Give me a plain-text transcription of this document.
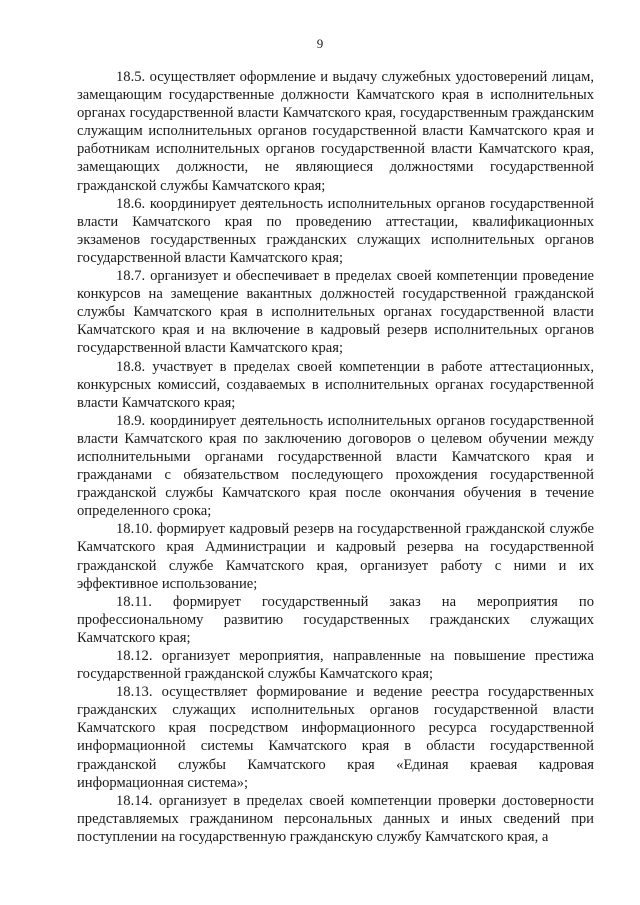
9

18.5. осуществляет оформление и выдачу служебных удостоверений лицам, замещающим государственные должности Камчатского края в исполнительных органах государственной власти Камчатского края, государственным гражданским служащим исполнительных органов государственной власти Камчатского края и работникам исполнительных органов государственной власти Камчатского края, замещающих должности, не являющиеся должностями государственной гражданской службы Камчатского края;

18.6. координирует деятельность исполнительных органов государственной власти Камчатского края по проведению аттестации, квалификационных экзаменов государственных гражданских служащих исполнительных органов государственной власти Камчатского края;

18.7. организует и обеспечивает в пределах своей компетенции проведение конкурсов на замещение вакантных должностей государственной гражданской службы Камчатского края в исполнительных органах государственной власти Камчатского края и на включение в кадровый резерв исполнительных органов государственной власти Камчатского края;

18.8. участвует в пределах своей компетенции в работе аттестационных, конкурсных комиссий, создаваемых в исполнительных органах государственной власти Камчатского края;

18.9. координирует деятельность исполнительных органов государственной власти Камчатского края по заключению договоров о целевом обучении между исполнительными органами государственной власти Камчатского края и гражданами с обязательством последующего прохождения государственной гражданской службы Камчатского края после окончания обучения в течение определенного срока;

18.10. формирует кадровый резерв на государственной гражданской службе Камчатского края Администрации и кадровый резерва на государственной гражданской службе Камчатского края, организует работу с ними и их эффективное использование;

18.11. формирует государственный заказ на мероприятия по профессиональному развитию государственных гражданских служащих Камчатского края;

18.12. организует мероприятия, направленные на повышение престижа государственной гражданской службы Камчатского края;

18.13. осуществляет формирование и ведение реестра государственных гражданских служащих исполнительных органов государственной власти Камчатского края посредством информационного ресурса государственной информационной системы Камчатского края в области государственной гражданской службы Камчатского края «Единая краевая кадровая информационная система»;

18.14. организует в пределах своей компетенции проверки достоверности представляемых гражданином персональных данных и иных сведений при поступлении на государственную гражданскую службу Камчатского края, а
